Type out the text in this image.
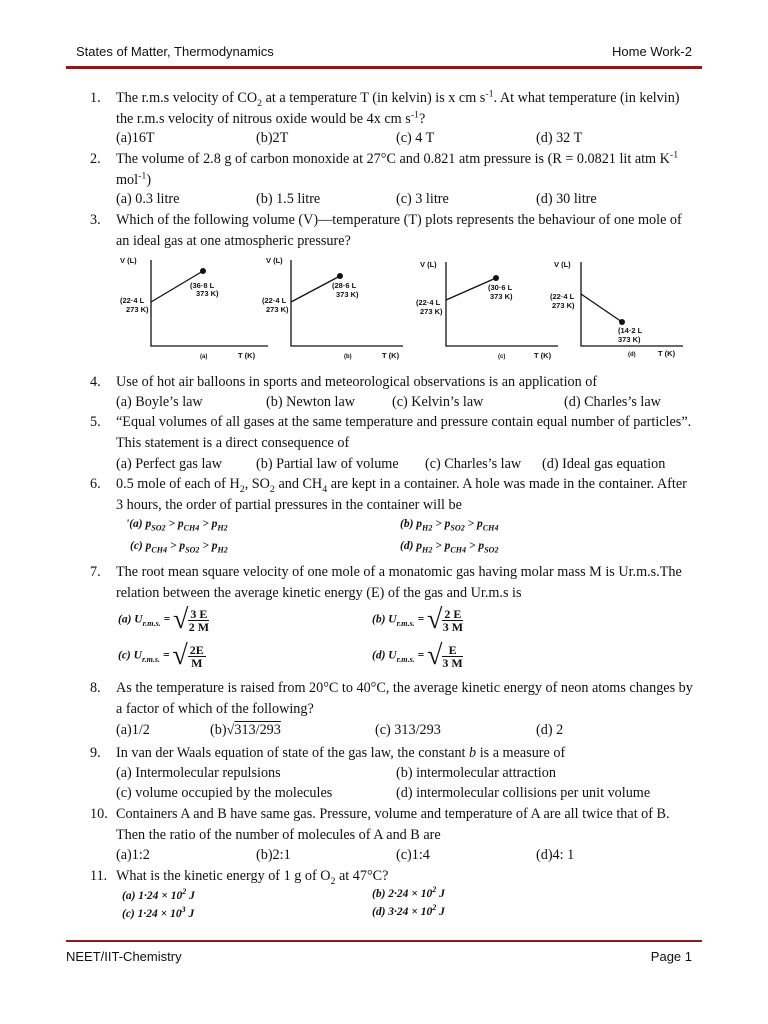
States of Matter, Thermodynamics	Home Work-2
1. The r.m.s velocity of $CO_2$ at a temperature T (in kelvin) is x cm $s^{-1}$. At what temperature (in kelvin) the r.m.s velocity of nitrous oxide would be 4x cm $s^{-1}$?
(a)16T	(b)2T	(c) 4 T	(d) 32 T
2. The volume of 2.8 g of carbon monoxide at 27°C and 0.821 atm pressure is (R = 0.0821 lit atm $K^{-1}$ mol$^{-1}$)
(a) 0.3 litre	(b) 1.5 litre	(c) 3 litre	(d) 30 litre
3. Which of the following volume (V)—temperature (T) plots represents the behaviour of one mole of an ideal gas at one atmospheric pressure?
V (L)
(22·4 L
273 K)
(36·8 L
373 K)
(a)	T (K)
V (L)
(22·4 L
273 K)
(28·6 L
373 K)
(b)	T (K)
V (L)
(22·4 L
273 K)
(30·6 L
373 K)
(c)	T (K)
V (L)
(22·4 L
273 K)
(14·2 L
373 K)
(d)	T (K)
4. Use of hot air balloons in sports and meteorological observations is an application of
(a) Boyle’s law	(b) Newton law	(c) Kelvin’s law	(d) Charles’s law
5. “Equal volumes of all gases at the same temperature and pressure contain equal number of particles”. This statement is a direct consequence of
(a) Perfect gas law (b) Partial law of volume (c) Charles’s law (d) Ideal gas equation
6. 0.5 mole of each of $H_2$, $SO_2$ and $CH_4$ are kept in a container. A hole was made in the container. After 3 hours, the order of partial pressures in the container will be
'(a) $p_{SO2} > p_{CH4} > p_{H2}$	(b) $p_{H2} > p_{SO2} > p_{CH4}$
(c) $p_{CH4} > p_{SO2} > p_{H2}$	(d) $p_{H2} > p_{CH4} > p_{SO2}$
7. The root mean square velocity of one mole of a monatomic gas having molar mass M is Ur.m.s.The relation between the average kinetic energy (E) of the gas and Ur.m.s is
(a) $U_{r.m.s.}$ = √ $\frac{3 E}{2 M}$	(b) $U_{r.m.s.}$ = √ $\frac{2 E}{3 M}$
(c) $U_{r.m.s.}$ = √ $\frac{2E}{M}$	(d) $U_{r.m.s.}$ = √ $\frac{E}{3 M}$
8. As the temperature is raised from 20°C to 40°C, the average kinetic energy of neon atoms changes by a factor of which of the following?
(a)1/2	(b)√313/293	(c) 313/293	(d) 2
9. In van der Waals equation of state of the gas law, the constant b is a measure of
(a) Intermolecular repulsions	(b) intermolecular attraction
(c) volume occupied by the molecules	(d) intermolecular collisions per unit volume
10. Containers A and B have same gas. Pressure, volume and temperature of A are all twice that of B. Then the ratio of the number of molecules of A and B are
(a)1:2	(b)2:1	(c)1:4	(d)4: 1
11. What is the kinetic energy of 1 g of $O_2$ at 47°C?
(a) $1\cdot 24 \times 10^2$ J	(b) $2\cdot 24 \times 10^2$ J
(c) $1\cdot 24 \times 10^3$ J	(d) $3\cdot 24 \times 10^2$ J
NEET/IIT-Chemistry	Page 1
